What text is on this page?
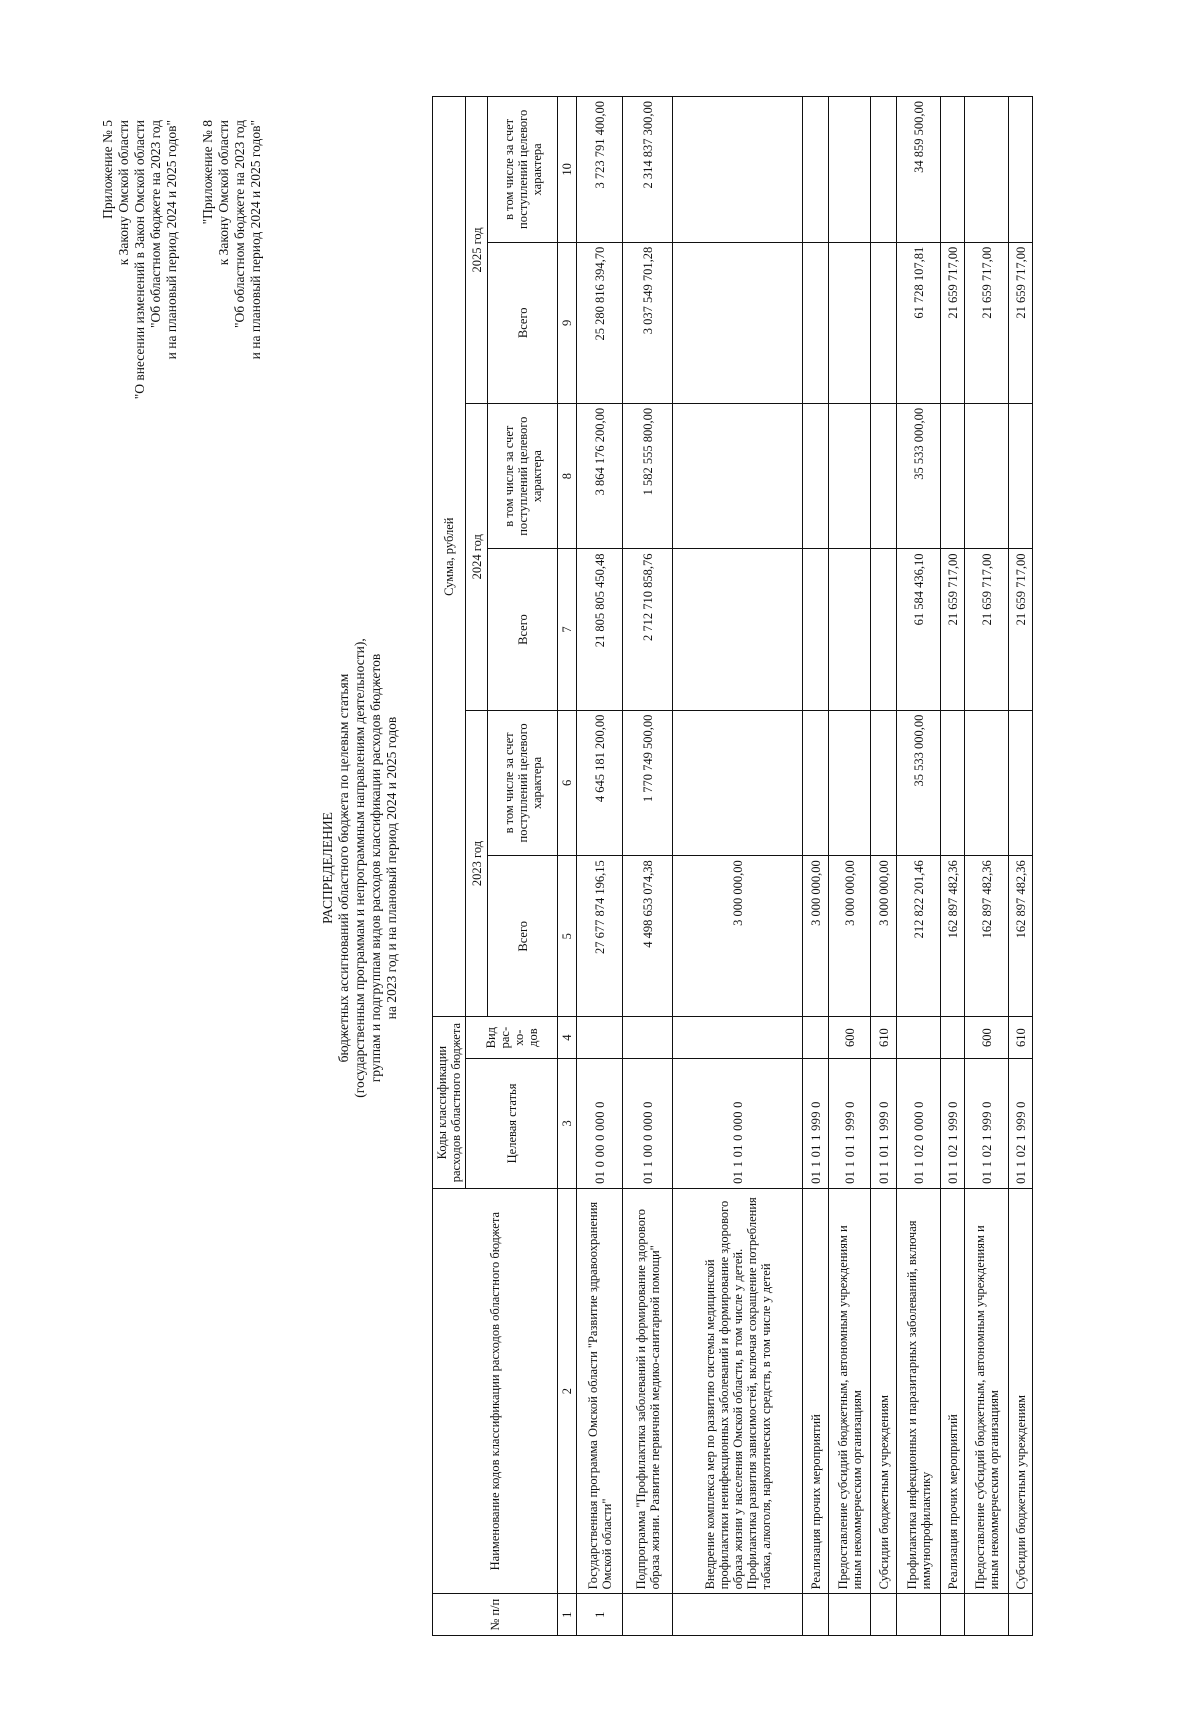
Приложение № 5 к Закону Омской области "О внесении изменений в Закон Омской области "Об областном бюджете на 2023 год и на плановый период 2024 и 2025 годов" "Приложение № 8 к Закону Омской области "Об областном бюджете на 2023 год и на плановый период 2024 и 2025 годов"
РАСПРЕДЕЛЕНИЕ бюджетных ассигнований областного бюджета по целевым статьям (государственным программам и непрограммным направлениям деятельности), группам и подгруппам видов расходов классификации расходов бюджетов на 2023 год и на плановый период 2024 и 2025 годов
№ п/п	Наименование кодов классификации расходов областного бюджета	Коды классификации расходов областного бюджета		Сумма, рублей					
		Целевая статья	Вид рас-хо-дов	2023 год		2024 год		2025 год	
				Всего	в том числе за счет поступлений целевого характера	Всего	в том числе за счет поступлений целевого характера	Всего	в том числе за счет поступлений целевого характера
1	2	3	4	5	6	7	8	9	10
1	Государственная программа Омской области "Развитие здравоохранения Омской области"	01 0 00 0 000 0		27 677 874 196,15	4 645 181 200,00	21 805 805 450,48	3 864 176 200,00	25 280 816 394,70	3 723 791 400,00
	Подпрограмма "Профилактика заболеваний и формирование здорового образа жизни. Развитие первичной медико-санитарной помощи"	01 1 00 0 000 0		4 498 653 074,38	1 770 749 500,00	2 712 710 858,76	1 582 555 800,00	3 037 549 701,28	2 314 837 300,00
	Внедрение комплекса мер по развитию системы медицинской профилактики неинфекционных заболеваний и формирование здорового образа жизни у населения Омской области, в том числе у детей. Профилактика развития зависимостей, включая сокращение потребления табака, алкоголя, наркотических средств, в том числе у детей	01 1 01 0 000 0		3 000 000,00					
	Реализация прочих мероприятий	01 1 01 1 999 0		3 000 000,00					
	Предоставление субсидий бюджетным, автономным учреждениям и иным некоммерческим организациям	01 1 01 1 999 0	600	3 000 000,00					
	Субсидии бюджетным учреждениям	01 1 01 1 999 0	610	3 000 000,00					
	Профилактика инфекционных и паразитарных заболеваний, включая иммунопрофилактику	01 1 02 0 000 0		212 822 201,46	35 533 000,00	61 584 436,10	35 533 000,00	61 728 107,81	34 859 500,00
	Реализация прочих мероприятий	01 1 02 1 999 0		162 897 482,36		21 659 717,00		21 659 717,00	
	Предоставление субсидий бюджетным, автономным учреждениям и иным некоммерческим организациям	01 1 02 1 999 0	600	162 897 482,36		21 659 717,00		21 659 717,00	
	Субсидии бюджетным учреждениям	01 1 02 1 999 0	610	162 897 482,36		21 659 717,00		21 659 717,00	
